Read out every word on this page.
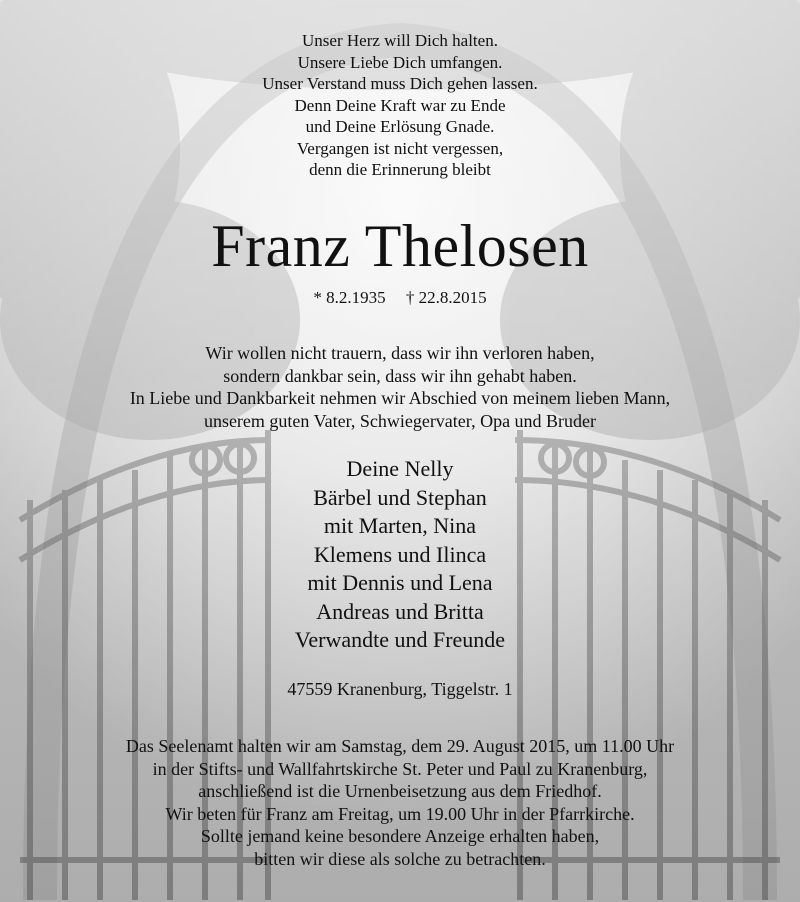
Unser Herz will Dich halten.
Unsere Liebe Dich umfangen.
Unser Verstand muss Dich gehen lassen.
Denn Deine Kraft war zu Ende
und Deine Erlösung Gnade.
Vergangen ist nicht vergessen,
denn die Erinnerung bleibt
Franz Thelosen
* 8.2.1935 † 22.8.2015
Wir wollen nicht trauern, dass wir ihn verloren haben,
sondern dankbar sein, dass wir ihn gehabt haben.
In Liebe und Dankbarkeit nehmen wir Abschied von meinem lieben Mann,
unserem guten Vater, Schwiegervater, Opa und Bruder
Deine Nelly
Bärbel und Stephan
mit Marten, Nina
Klemens und Ilinca
mit Dennis und Lena
Andreas und Britta
Verwandte und Freunde
47559 Kranenburg, Tiggelstr. 1
Das Seelenamt halten wir am Samstag, dem 29. August 2015, um 11.00 Uhr
in der Stifts- und Wallfahrtskirche St. Peter und Paul zu Kranenburg,
anschließend ist die Urnenbeisetzung aus dem Friedhof.
Wir beten für Franz am Freitag, um 19.00 Uhr in der Pfarrkirche.
Sollte jemand keine besondere Anzeige erhalten haben,
bitten wir diese als solche zu betrachten.
